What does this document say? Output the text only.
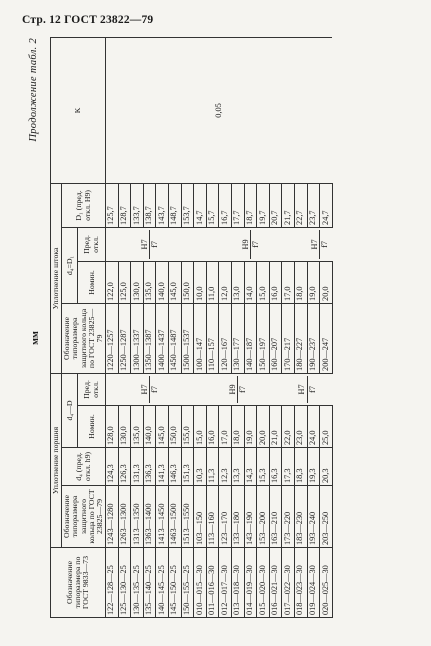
Стр. 12 ГОСТ 23822—79
мм
Продолжение табл. 2
Обозначение типоразмера по ГОСТ 9833—73	Уплотнение поршня				Уплотнение штока				K
	Обозначение типоразмера защитного кольца по ГОСТ 23825—79	d₄ (пред. откл. h9)	d₄—D		Обозначение типоразмера защитного кольца по ГОСТ 23825—79	d₄=D₁		D₁ (пред. откл. H9)	
			Номин.	Пред. откл.		Номин.	Пред. откл.		
122—128—25	1243—1280	124,3	128,0	H7 f7	1220—1257	122,0	H7 f7	125,7	0,05
125—130—25	1263—1300	126,3	130,0		1250—1287	125,0		128,7	
130—135—25	1313—1350	131,3	135,0		1300—1337	130,0		133,7	
135—140—25	1363—1400	136,3	140,0		1350—1387	135,0		138,7	
140—145—25	1413—1450	141,3	145,0		1400—1437	140,0		143,7	
145—150—25	1463—1500	146,3	150,0		1450—1487	145,0		148,7	
150—155—25	1513—1550	151,3	155,0		1500—1537	150,0		153,7	
010—015—30	103—150	10,3	15,0	H9 f7	100—147	10,0	H9 f7	14,7	
011—016—30	113—160	11,3	16,0		110—157	11,0		15,7	
012—017—30	123—170	12,3	17,0		120—167	12,0		16,7	
013—018—30	133—180	13,3	18,0		130—177	13,0		17,7	
014—019—30	143—190	14,3	19,0		140—187	14,0		18,7	
015—020—30	153—200	15,3	20,0		150—197	15,0		19,7	
016—021—30	163—210	16,3	21,0		160—207	16,0		20,7	
017—022—30	173—220	17,3	22,0	H7 f7	170—217	17,0		21,7	
018—023—30	183—230	18,3	23,0		180—227	18,0		22,7	
019—024—30	193—240	19,3	24,0		190—237	19,0	H7 f7	23,7	
020—025—30	203—250	20,3	25,0		200—247	20,0		24,7	
